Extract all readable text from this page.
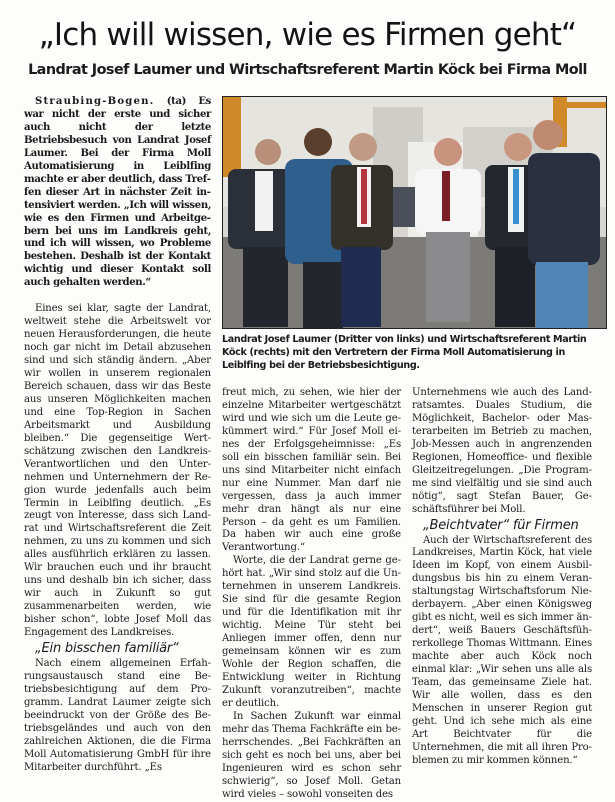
„Ich will wissen, wie es Firmen geht“
Landrat Josef Laumer und Wirtschaftsreferent Martin Köck bei Firma Moll

Straubing-Bogen. (ta) Es war nicht der erste und sicher auch nicht der letzte Betriebsbesuch von Landrat Josef Laumer. Bei der Firma Moll Automatisierung in Leiblfing machte er aber deutlich, dass Treffen dieser Art in nächster Zeit intensiviert werden. „Ich will wissen, wie es den Firmen und Arbeitgebern bei uns im Landkreis geht, und ich will wissen, wo Probleme bestehen. Deshalb ist der Kontakt wichtig und dieser Kontakt soll auch gehalten werden.“

Eines sei klar, sagte der Landrat, weltweit stehe die Arbeitswelt vor neuen Herausforderungen, die heute noch gar nicht im Detail abzusehen sind und sich ständig ändern. „Aber wir wollen in unserem regionalen Bereich schauen, dass wir das Beste aus unseren Möglichkeiten machen und eine Top-Region in Sachen Arbeitsmarkt und Ausbildung bleiben.“ Die gegenseitige Wertschätzung zwischen den Landkreis-Verantwortlichen und den Unternehmen und Unternehmern der Region wurde jedenfalls auch beim Termin in Leiblfing deutlich. „Es zeugt von Interesse, dass sich Landrat und Wirtschaftsreferent die Zeit nehmen, zu uns zu kommen und sich alles ausführlich erklären zu lassen. Wir brauchen euch und ihr braucht uns und deshalb bin ich sicher, dass wir auch in Zukunft so gut zusammenarbeiten werden, wie bisher schon“, lobte Josef Moll das Engagement des Landkreises.

„Ein bisschen familiär“

Nach einem allgemeinen Erfahrungsaustausch stand eine Betriebsbesichtigung auf dem Programm. Landrat Laumer zeigte sich beeindruckt von der Größe des Betriebsgeländes und auch von den zahlreichen Aktionen, die die Firma Moll Automatisierung GmbH für ihre Mitarbeiter durchführt. „Es

Landrat Josef Laumer (Dritter von links) und Wirtschaftsreferent Martin Köck (rechts) mit den Vertretern der Firma Moll Automatisierung in Leiblfing bei der Betriebsbesichtigung.

freut mich, zu sehen, wie hier der einzelne Mitarbeiter wertgeschätzt wird und wie sich um die Leute gekümmert wird.“ Für Josef Moll eines der Erfolgsgeheimnisse: „Es soll ein bisschen familiär sein. Bei uns sind Mitarbeiter nicht einfach nur eine Nummer. Man darf nie vergessen, dass ja auch immer mehr dran hängt als nur eine Person – da geht es um Familien. Da haben wir auch eine große Verantwortung.“

Worte, die der Landrat gerne gehört hat. „Wir sind stolz auf die Unternehmen in unserem Landkreis. Sie sind für die gesamte Region und für die Identifikation mit ihr wichtig. Meine Tür steht bei Anliegen immer offen, denn nur gemeinsam können wir es zum Wohle der Region schaffen, die Entwicklung weiter in Richtung Zukunft voranzutreiben“, machte er deutlich.

In Sachen Zukunft war einmal mehr das Thema Fachkräfte ein beherrschendes. „Bei Fachkräften an sich geht es noch bei uns, aber bei Ingenieuren wird es schon sehr schwierig“, so Josef Moll. Getan wird vieles – sowohl vonseiten des

Unternehmens wie auch des Landratsamtes. Duales Studium, die Möglichkeit, Bachelor- oder Masterarbeiten im Betrieb zu machen, Job-Messen auch in angrenzenden Regionen, Homeoffice- und flexible Gleitzeitregelungen. „Die Programme sind vielfältig und sie sind auch nötig“, sagt Stefan Bauer, Geschäftsführer bei Moll.

„Beichtvater“ für Firmen

Auch der Wirtschaftsreferent des Landkreises, Martin Köck, hat viele Ideen im Kopf, von einem Ausbildungsbus bis hin zu einem Veranstaltungstag Wirtschaftsforum Niederbayern. „Aber einen Königsweg gibt es nicht, weil es sich immer ändert“, weiß Bauers Geschäftsführerkollege Thomas Wittmann. Eines machte aber auch Köck noch einmal klar: „Wir sehen uns alle als Team, das gemeinsame Ziele hat. Wir alle wollen, dass es den Menschen in unserer Region gut geht. Und ich sehe mich als eine Art Beichtvater für die Unternehmen, die mit all ihren Problemen zu mir kommen können.“
